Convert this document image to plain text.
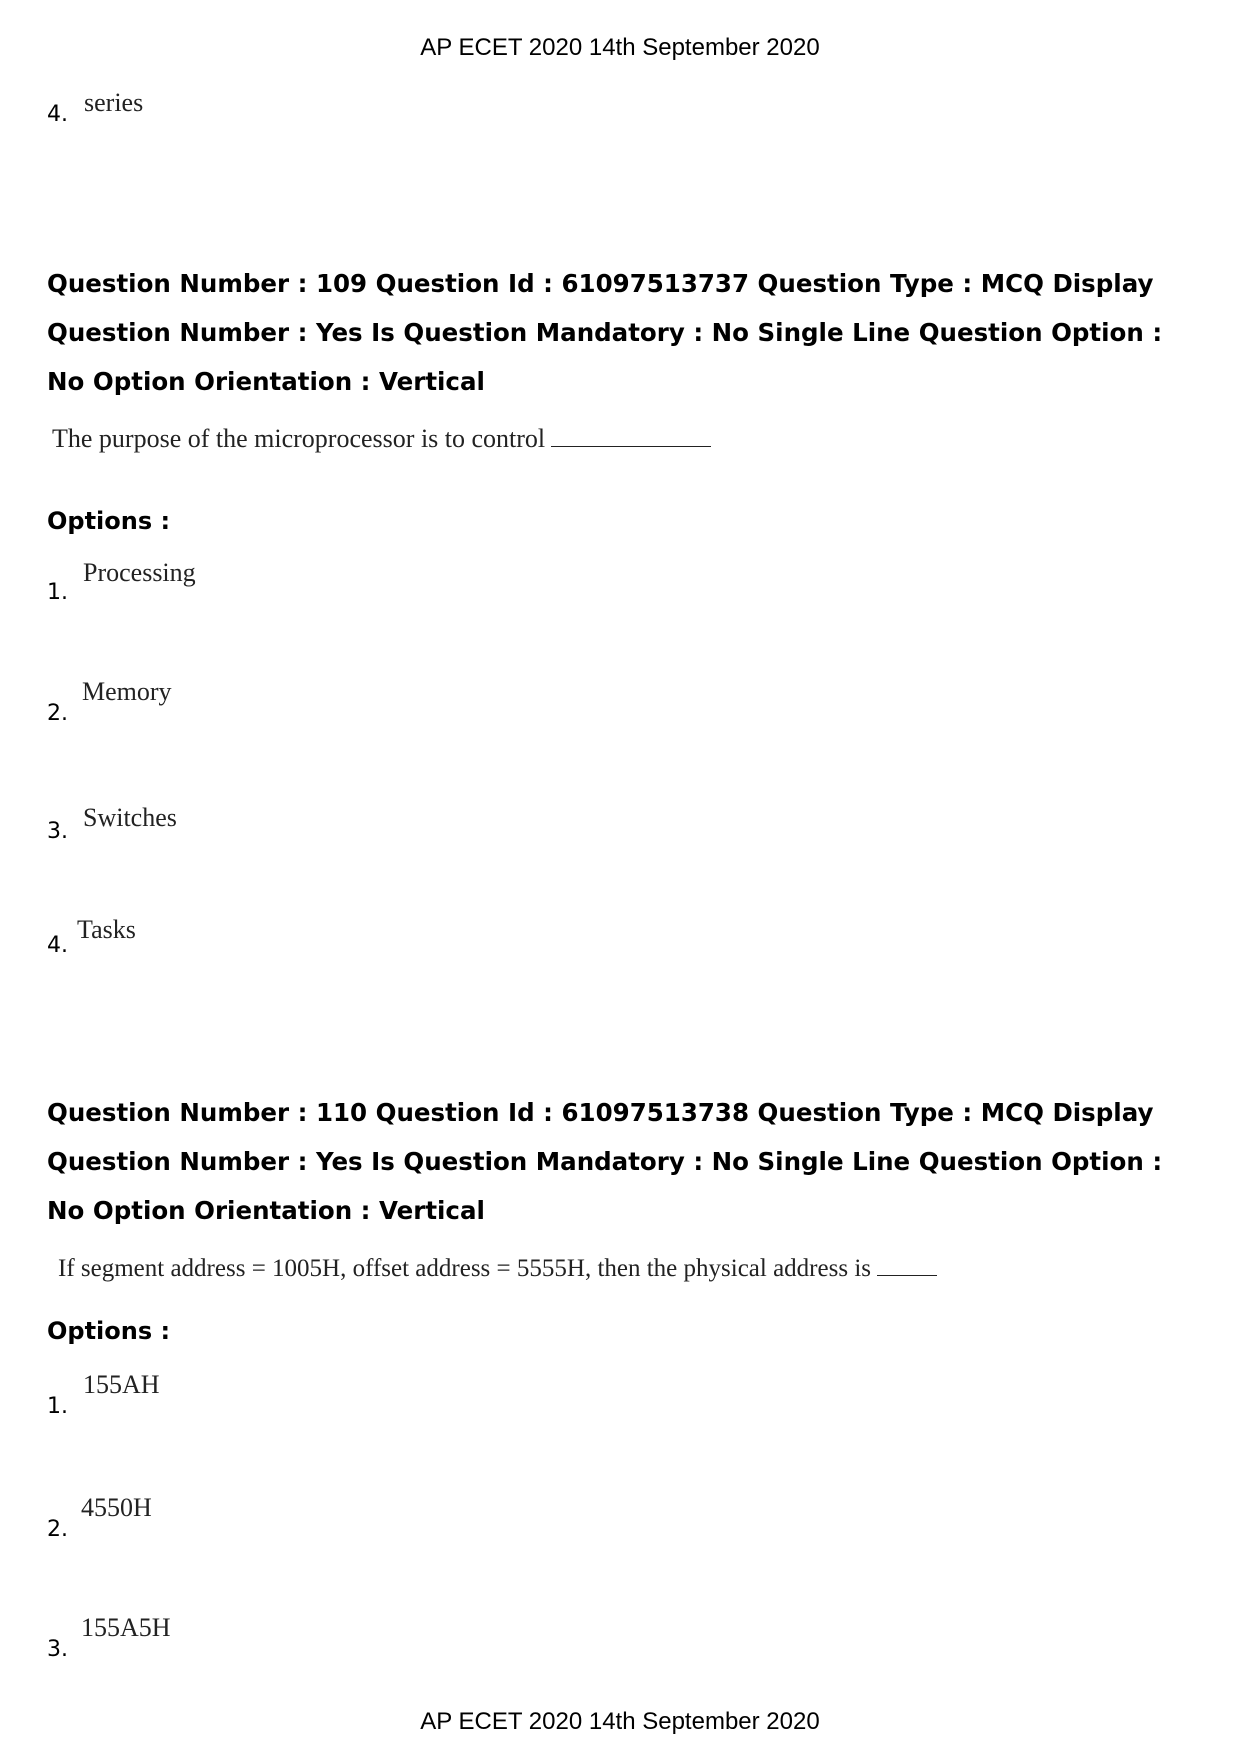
AP ECET 2020 14th September 2020
4. series
Question Number : 109 Question Id : 61097513737 Question Type : MCQ Display Question Number : Yes Is Question Mandatory : No Single Line Question Option : No Option Orientation : Vertical
The purpose of the microprocessor is to control
Options :
1.
Processing
2.
Memory
3. Switches
4.
Tasks
Question Number : 110 Question Id : 61097513738 Question Type : MCQ Display Question Number : Yes Is Question Mandatory : No Single Line Question Option : No Option Orientation : Vertical
If segment address = 1005H, offset address = 5555H, then the physical address is
Options :
1.
155AH
2.
4550H
3.
155A5H
AP ECET 2020 14th September 2020
